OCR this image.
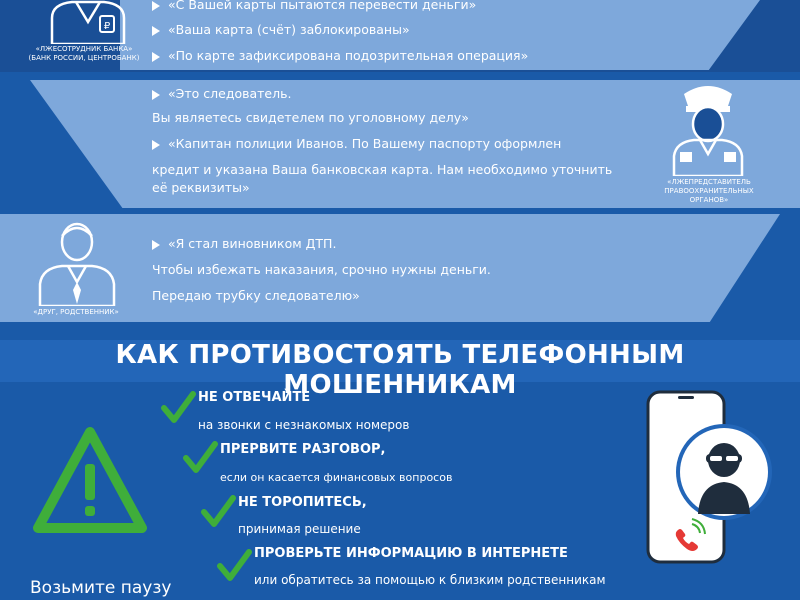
₽
«ЛЖЕСОТРУДНИК БАНКА»
(БАНК РОССИИ, ЦЕНТРОБАНК)
«С Вашей карты пытаются перевести деньги»
«Ваша карта (счёт) заблокированы»
«По карте зафиксирована подозрительная операция»
«Это следователь.
Вы являетесь свидетелем по уголовному делу»
«Капитан полиции Иванов. По Вашему паспорту оформлен
кредит и указана Ваша банковская карта. Нам необходимо уточнить
её реквизиты»	«ЛЖЕПРЕДСТАВИТЕЛЬ
ПРАВООХРАНИТЕЛЬНЫХ
ОРГАНОВ»
«ДРУГ, РОДСТВЕННИК»
«Я стал виновником ДТП.
Чтобы избежать наказания, срочно нужны деньги.
Передаю трубку следователю»
КАК ПРОТИВОСТОЯТЬ ТЕЛЕФОННЫМ МОШЕННИКАМ
НЕ ОТВЕЧАЙТЕ
на звонки с незнакомых номеров
ПРЕРВИТЕ РАЗГОВОР,
если он касается финансовых вопросов
НЕ ТОРОПИТЕСЬ,
принимая решение
ПРОВЕРЬТЕ ИНФОРМАЦИЮ В ИНТЕРНЕТЕ
или обратитесь за помощью к близким родственникам
Возьмите паузу
